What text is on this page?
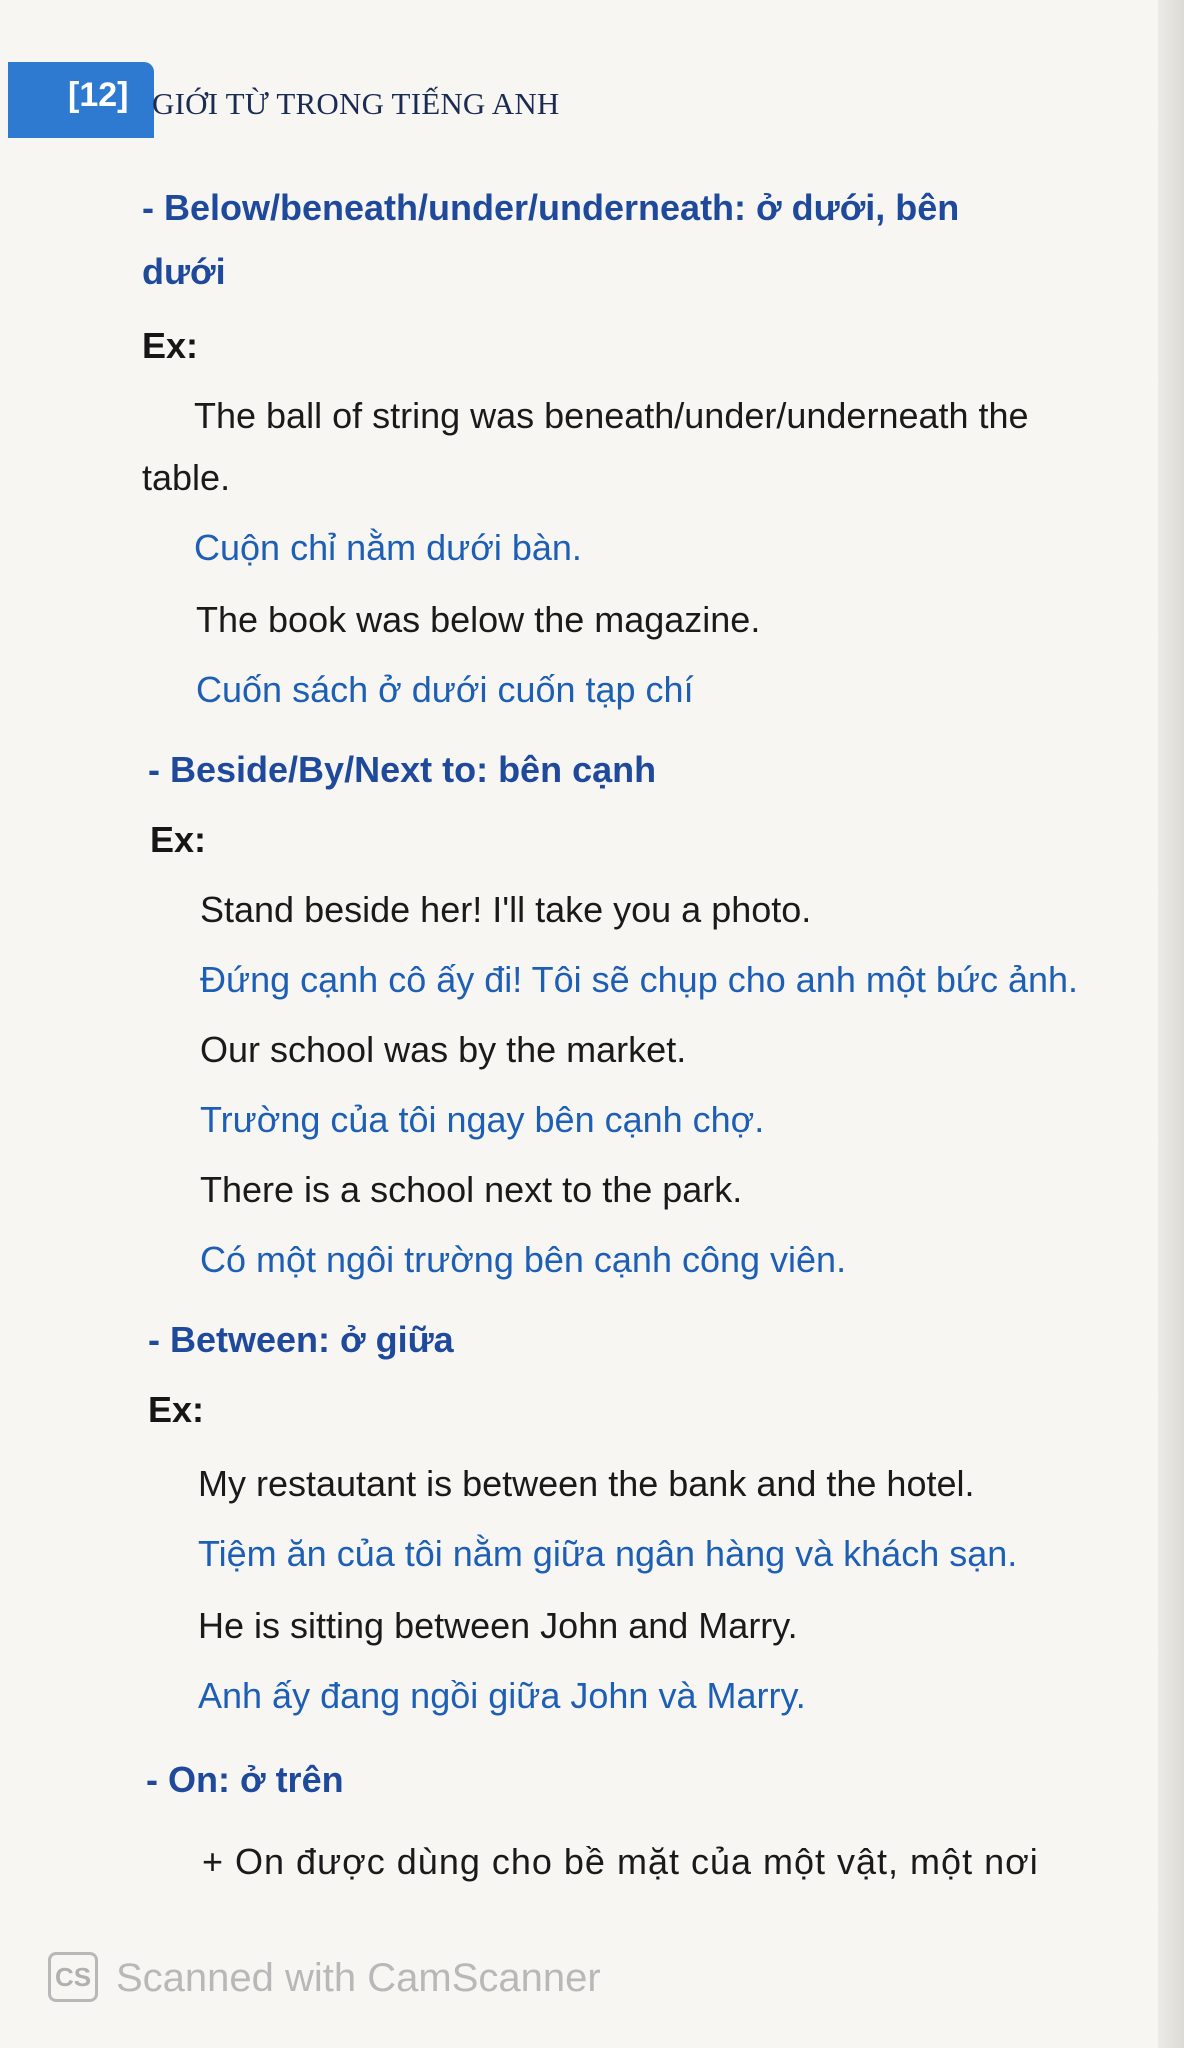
[12] GIỚI TỪ TRONG TIẾNG ANH
- Below/beneath/under/underneath: ở dưới, bên
dưới
Ex:
The ball of string was beneath/under/underneath the
table.
Cuộn chỉ nằm dưới bàn.
The book was below the magazine.
Cuốn sách ở dưới cuốn tạp chí
- Beside/By/Next to: bên cạnh
Ex:
Stand beside her! I'll take you a photo.
Đứng cạnh cô ấy đi! Tôi sẽ chụp cho anh một bức ảnh.
Our school was by the market.
Trường của tôi ngay bên cạnh chợ.
There is a school next to the park.
Có một ngôi trường bên cạnh công viên.
- Between: ở giữa
Ex:
My restautant is between the bank and the hotel.
Tiệm ăn của tôi nằm giữa ngân hàng và khách sạn.
He is sitting between John and Marry.
Anh ấy đang ngồi giữa John và Marry.
- On: ở trên
+ On được dùng cho bề mặt của một vật, một nơi
CS Scanned with CamScanner
